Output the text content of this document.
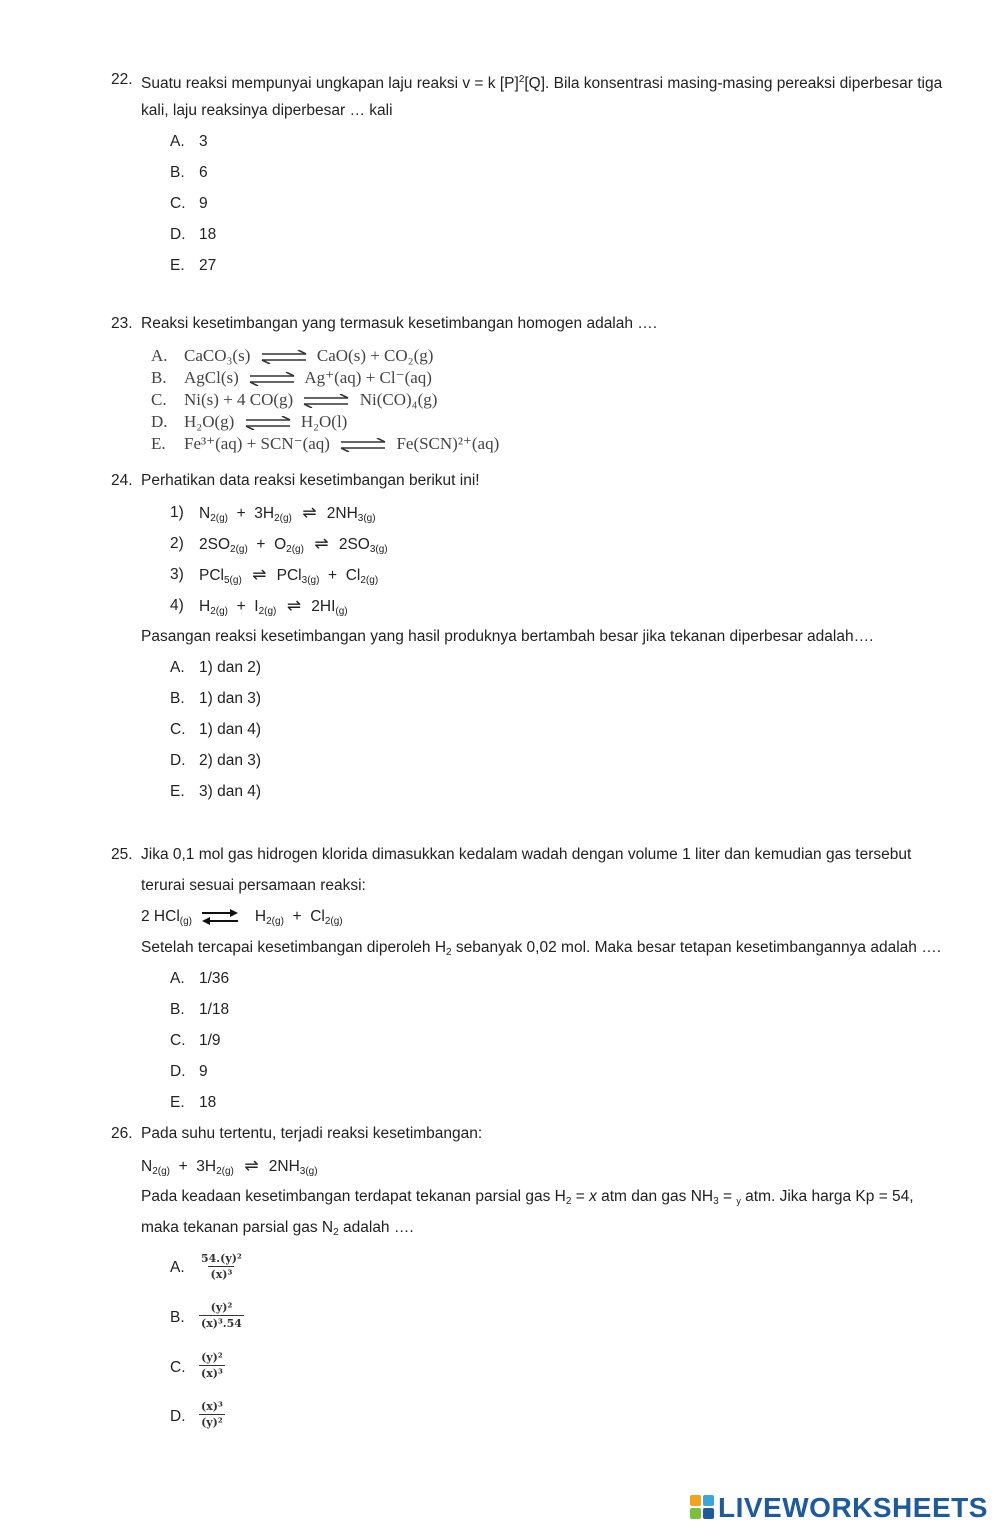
22. Suatu reaksi mempunyai ungkapan laju reaksi v = k $[P]^2[Q]$. Bila konsentrasi masing-masing pereaksi diperbesar tiga
kali, laju reaksinya diperbesar … kali
A. 3
B. 6
C. 9
D. 18
E. 27
23. Reaksi kesetimbangan yang termasuk kesetimbangan homogen adalah ….
A. CaCO₃(s) ⇌ CaO(s) + CO₂(g)
B. AgCl(s) ⇌ Ag⁺(aq) + Cl⁻(aq)
C. Ni(s) + 4 CO(g) ⇌ Ni(CO)₄(g)
D. H₂O(g) ⇌ H₂O(l)
E. Fe³⁺(aq) + SCN⁻(aq) ⇌ Fe(SCN)²⁺(aq)
24. Perhatikan data reaksi kesetimbangan berikut ini!
1) $N_{2(g)} + 3H_{2(g)}$ ⇌ $2NH_{3(g)}$
2) $2SO_{2(g)} + O_{2(g)}$ ⇌ $2SO_{3(g)}$
3) PCl$_{5(g)}$ ⇌ $PCl_{3(g)} + Cl_{2(g)}$
4) $H_{2(g)} + I_{2(g)}$ ⇌ $2HI_{(g)}$
Pasangan reaksi kesetimbangan yang hasil produknya bertambah besar jika tekanan diperbesar adalah….
A. 1) dan 2)
B. 1) dan 3)
C. 1) dan 4)
D. 2) dan 3)
E. 3) dan 4)
25. Jika 0,1 mol gas hidrogen klorida dimasukkan kedalam wadah dengan volume 1 liter dan kemudian gas tersebut
terurai sesuai persamaan reaksi:
2 HCl$_{(g)}$ ⇌ $H_{2(g)} + Cl_{2(g)}$
Setelah tercapai kesetimbangan diperoleh $H_2$ sebanyak 0,02 mol. Maka besar tetapan kesetimbangannya adalah ….
A. 1/36
B. 1/18
C. 1/9
D. 9
E. 18
26. Pada suhu tertentu, terjadi reaksi kesetimbangan:
$N_{2(g)} + 3H_{2(g)}$ ⇌ $2NH_{3(g)}$
Pada keadaan kesetimbangan terdapat tekanan parsial gas $H_2 = x$ atm dan gas $NH_3 = _y$ atm. Jika harga Kp = 54,
maka tekanan parsial gas $N_2$ adalah ….
A. $\frac{\text{54.(y)²}}{\text{(x)³}}$
B. $\frac{\text{(y)²}}{\text{(x)³.54}}$
C. $\frac{\text{(y)²}}{\text{(x)³}}$
D. $\frac{\text{(x)³}}{\text{(y)²}}$
LIVEWORKSHEETS
